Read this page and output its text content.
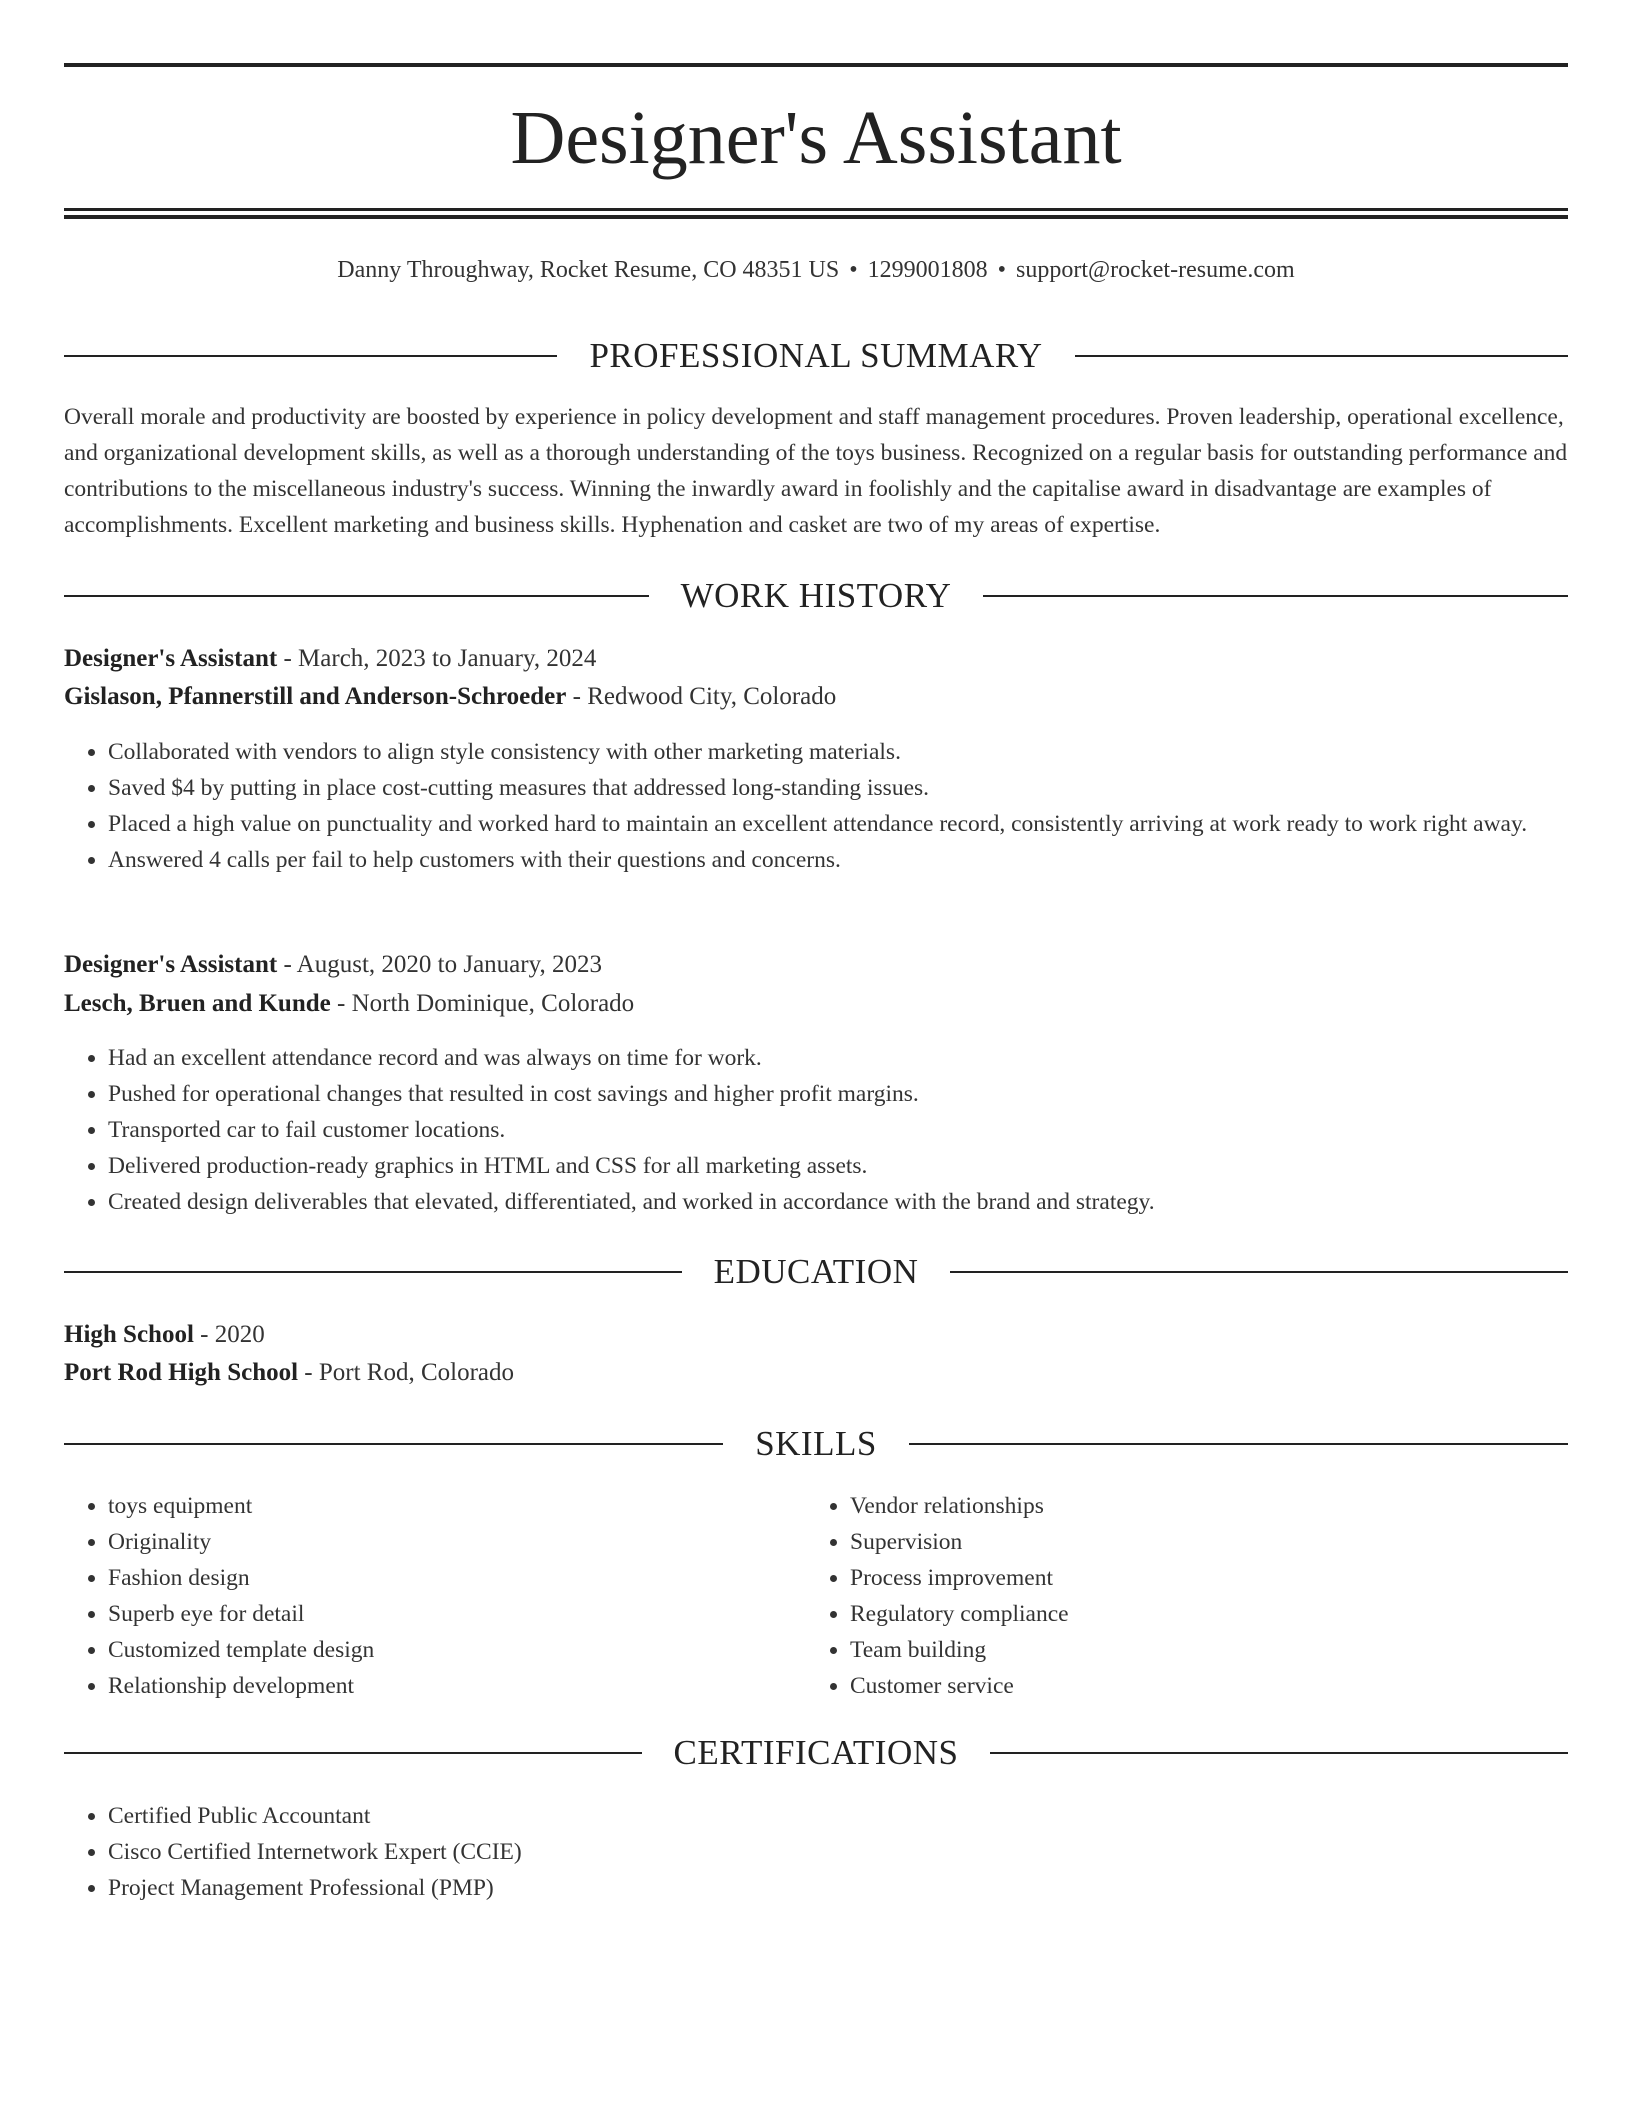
Designer's Assistant
Danny Throughway, Rocket Resume, CO 48351 US • 1299001808 • support@rocket-resume.com
PROFESSIONAL SUMMARY
Overall morale and productivity are boosted by experience in policy development and staff management procedures. Proven leadership, operational excellence, and organizational development skills, as well as a thorough understanding of the toys business. Recognized on a regular basis for outstanding performance and contributions to the miscellaneous industry's success. Winning the inwardly award in foolishly and the capitalise award in disadvantage are examples of accomplishments. Excellent marketing and business skills. Hyphenation and casket are two of my areas of expertise.
WORK HISTORY
Designer's Assistant - March, 2023 to January, 2024
Gislason, Pfannerstill and Anderson-Schroeder - Redwood City, Colorado
• Collaborated with vendors to align style consistency with other marketing materials.
• Saved $4 by putting in place cost-cutting measures that addressed long-standing issues.
• Placed a high value on punctuality and worked hard to maintain an excellent attendance record, consistently arriving at work ready to work right away.
• Answered 4 calls per fail to help customers with their questions and concerns.
Designer's Assistant - August, 2020 to January, 2023
Lesch, Bruen and Kunde - North Dominique, Colorado
• Had an excellent attendance record and was always on time for work.
• Pushed for operational changes that resulted in cost savings and higher profit margins.
• Transported car to fail customer locations.
• Delivered production-ready graphics in HTML and CSS for all marketing assets.
• Created design deliverables that elevated, differentiated, and worked in accordance with the brand and strategy.
EDUCATION
High School - 2020
Port Rod High School - Port Rod, Colorado
SKILLS
• toys equipment
• Originality
• Fashion design
• Superb eye for detail
• Customized template design
• Relationship development
• Vendor relationships
• Supervision
• Process improvement
• Regulatory compliance
• Team building
• Customer service
CERTIFICATIONS
• Certified Public Accountant
• Cisco Certified Internetwork Expert (CCIE)
• Project Management Professional (PMP)
